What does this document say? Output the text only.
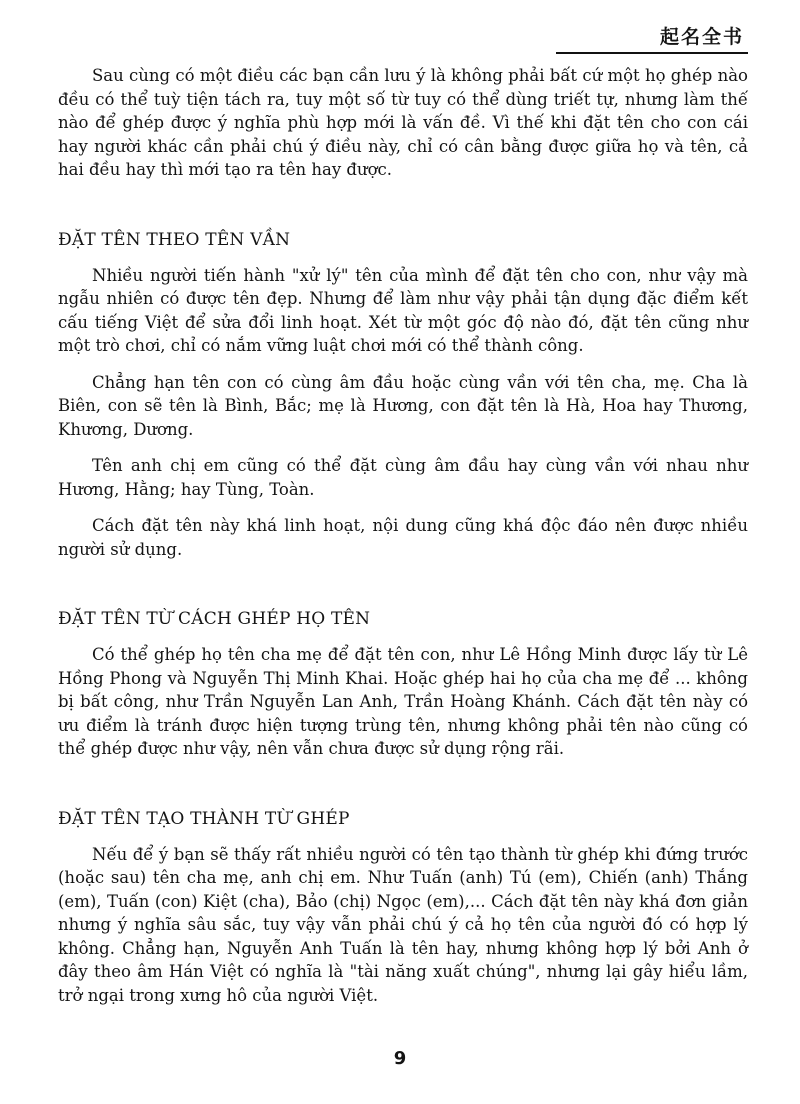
起名全书

Sau cùng có một điều các bạn cần lưu ý là không phải bất cứ một họ ghép nào đều có thể tuỳ tiện tách ra, tuy một số từ tuy có thể dùng triết tự, nhưng làm thế nào để ghép được ý nghĩa phù hợp mới là vấn đề. Vì thế khi đặt tên cho con cái hay người khác cần phải chú ý điều này, chỉ có cân bằng được giữa họ và tên, cả hai đều hay thì mới tạo ra tên hay được.

ĐẶT TÊN THEO TÊN VẦN

Nhiều người tiến hành "xử lý" tên của mình để đặt tên cho con, như vậy mà ngẫu nhiên có được tên đẹp. Nhưng để làm như vậy phải tận dụng đặc điểm kết cấu tiếng Việt để sửa đổi linh hoạt. Xét từ một góc độ nào đó, đặt tên cũng như một trò chơi, chỉ có nắm vững luật chơi mới có thể thành công.

Chẳng hạn tên con có cùng âm đầu hoặc cùng vần với tên cha, mẹ. Cha là Biên, con sẽ tên là Bình, Bắc; mẹ là Hương, con đặt tên là Hà, Hoa hay Thương, Khương, Dương.

Tên anh chị em cũng có thể đặt cùng âm đầu hay cùng vần với nhau như Hương, Hằng; hay Tùng, Toàn.

Cách đặt tên này khá linh hoạt, nội dung cũng khá độc đáo nên được nhiều người sử dụng.

ĐẶT TÊN TỪ CÁCH GHÉP HỌ TÊN

Có thể ghép họ tên cha mẹ để đặt tên con, như Lê Hồng Minh được lấy từ Lê Hồng Phong và Nguyễn Thị Minh Khai. Hoặc ghép hai họ của cha mẹ để ... không bị bất công, như Trần Nguyễn Lan Anh, Trần Hoàng Khánh. Cách đặt tên này có ưu điểm là tránh được hiện tượng trùng tên, nhưng không phải tên nào cũng có thể ghép được như vậy, nên vẫn chưa được sử dụng rộng rãi.

ĐẶT TÊN TẠO THÀNH TỪ GHÉP

Nếu để ý bạn sẽ thấy rất nhiều người có tên tạo thành từ ghép khi đứng trước (hoặc sau) tên cha mẹ, anh chị em. Như Tuấn (anh) Tú (em), Chiến (anh) Thắng (em), Tuấn (con) Kiệt (cha), Bảo (chị) Ngọc (em),... Cách đặt tên này khá đơn giản nhưng ý nghĩa sâu sắc, tuy vậy vẫn phải chú ý cả họ tên của người đó có hợp lý không. Chẳng hạn, Nguyễn Anh Tuấn là tên hay, nhưng không hợp lý bởi Anh ở đây theo âm Hán Việt có nghĩa là "tài năng xuất chúng", nhưng lại gây hiểu lầm, trở ngại trong xưng hô của người Việt.

9
